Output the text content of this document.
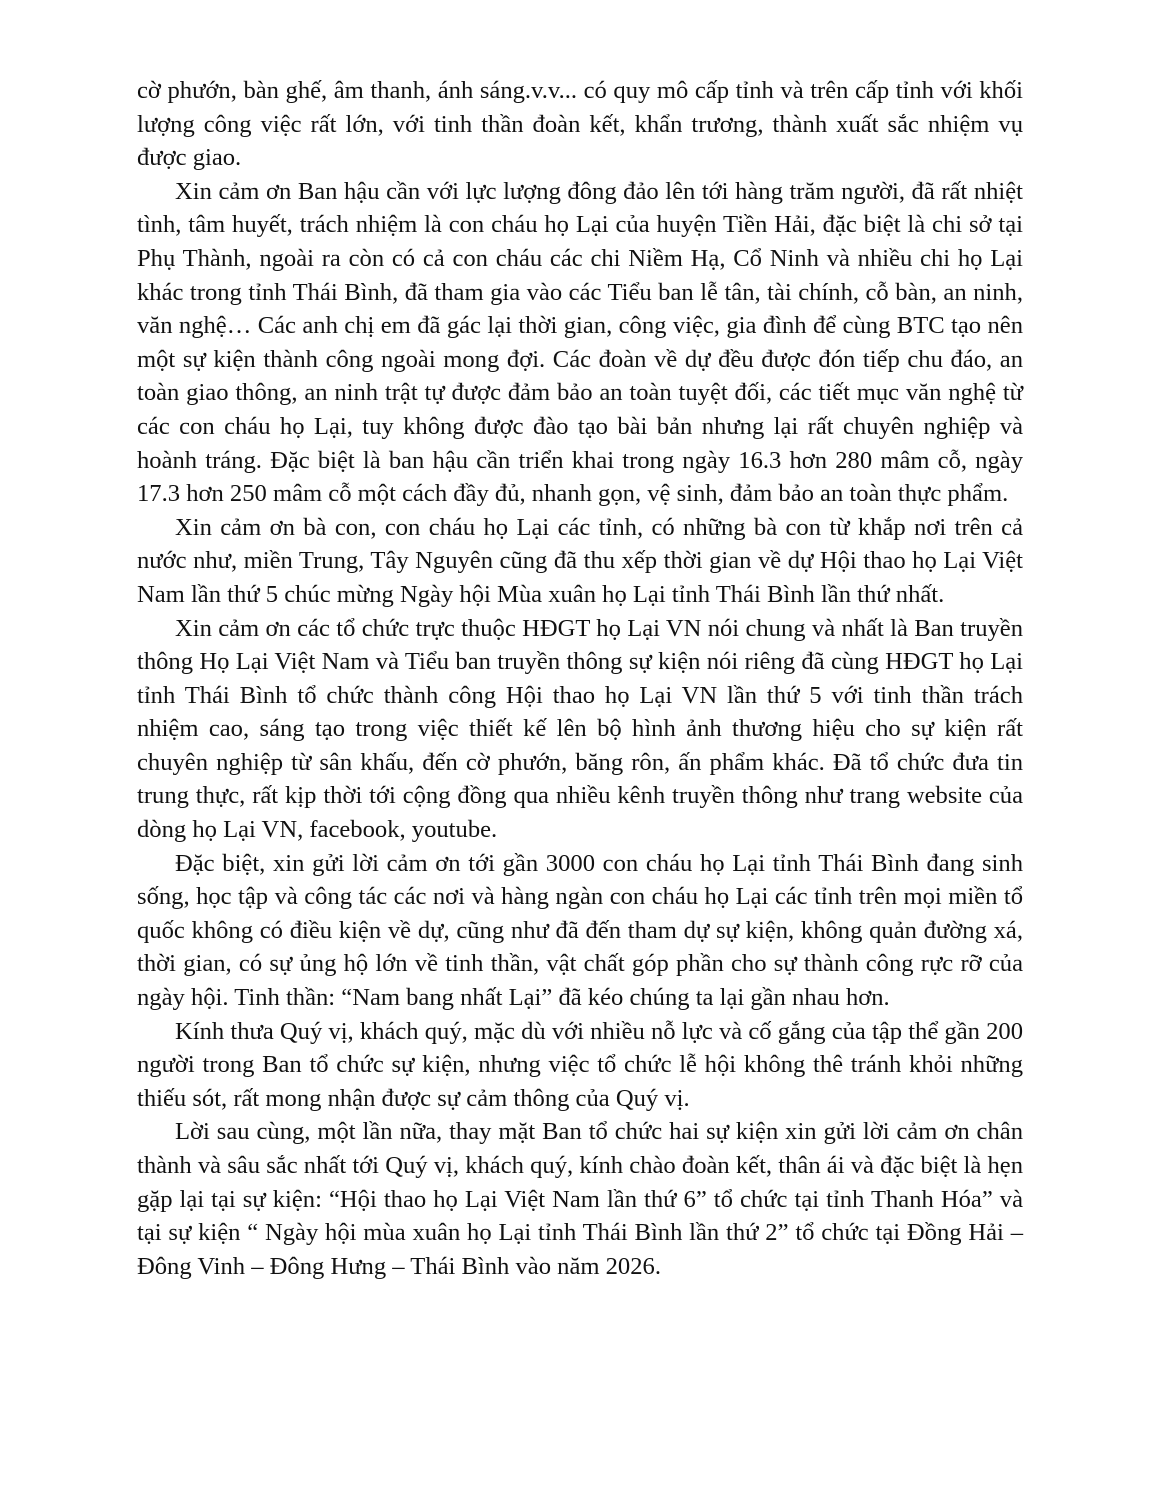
cờ phướn, bàn ghế, âm thanh, ánh sáng.v.v... có quy mô cấp tỉnh và trên cấp tỉnh với khối lượng công việc rất lớn, với tinh thần đoàn kết, khẩn trương, thành xuất sắc nhiệm vụ được giao.

Xin cảm ơn Ban hậu cần với lực lượng đông đảo lên tới hàng trăm người, đã rất nhiệt tình, tâm huyết, trách nhiệm là con cháu họ Lại của huyện Tiền Hải, đặc biệt là chi sở tại Phụ Thành, ngoài ra còn có cả con cháu các chi Niềm Hạ, Cổ Ninh và nhiều chi họ Lại khác trong tỉnh Thái Bình, đã tham gia vào các Tiểu ban lễ tân, tài chính, cỗ bàn, an ninh, văn nghệ… Các anh chị em đã gác lại thời gian, công việc, gia đình để cùng BTC tạo nên một sự kiện thành công ngoài mong đợi. Các đoàn về dự đều được đón tiếp chu đáo, an toàn giao thông, an ninh trật tự được đảm bảo an toàn tuyệt đối, các tiết mục văn nghệ từ các con cháu họ Lại, tuy không được đào tạo bài bản nhưng lại rất chuyên nghiệp và hoành tráng. Đặc biệt là ban hậu cần triển khai trong ngày 16.3 hơn 280 mâm cỗ, ngày 17.3 hơn 250 mâm cỗ một cách đầy đủ, nhanh gọn, vệ sinh, đảm bảo an toàn thực phẩm.

Xin cảm ơn bà con, con cháu họ Lại các tỉnh, có những bà con từ khắp nơi trên cả nước như, miền Trung, Tây Nguyên cũng đã thu xếp thời gian về dự Hội thao họ Lại Việt Nam lần thứ 5 chúc mừng Ngày hội Mùa xuân họ Lại tỉnh Thái Bình lần thứ nhất.

Xin cảm ơn các tổ chức trực thuộc HĐGT họ Lại VN nói chung và nhất là Ban truyền thông Họ Lại Việt Nam và Tiểu ban truyền thông sự kiện nói riêng đã cùng HĐGT họ Lại tỉnh Thái Bình tổ chức thành công Hội thao họ Lại VN lần thứ 5 với tinh thần trách nhiệm cao, sáng tạo trong việc thiết kế lên bộ hình ảnh thương hiệu cho sự kiện rất chuyên nghiệp từ sân khấu, đến cờ phướn, băng rôn, ấn phẩm khác. Đã tổ chức đưa tin trung thực, rất kịp thời tới cộng đồng qua nhiều kênh truyền thông như trang website của dòng họ Lại VN, facebook, youtube.

Đặc biệt, xin gửi lời cảm ơn tới gần 3000 con cháu họ Lại tỉnh Thái Bình đang sinh sống, học tập và công tác các nơi và hàng ngàn con cháu họ Lại các tỉnh trên mọi miền tổ quốc không có điều kiện về dự, cũng như đã đến tham dự sự kiện, không quản đường xá, thời gian, có sự ủng hộ lớn về tinh thần, vật chất góp phần cho sự thành công rực rỡ của ngày hội. Tinh thần: “Nam bang nhất Lại” đã kéo chúng ta lại gần nhau hơn.

Kính thưa Quý vị, khách quý, mặc dù với nhiều nỗ lực và cố gắng của tập thể gần 200 người trong Ban tổ chức sự kiện, nhưng việc tổ chức lễ hội không thê tránh khỏi những thiếu sót, rất mong nhận được sự cảm thông của Quý vị.

Lời sau cùng, một lần nữa, thay mặt Ban tổ chức hai sự kiện xin gửi lời cảm ơn chân thành và sâu sắc nhất tới Quý vị, khách quý, kính chào đoàn kết, thân ái và đặc biệt là hẹn gặp lại tại sự kiện: “Hội thao họ Lại Việt Nam lần thứ 6” tổ chức tại tỉnh Thanh Hóa” và tại sự kiện “ Ngày hội mùa xuân họ Lại tỉnh Thái Bình lần thứ 2” tổ chức tại Đồng Hải – Đông Vinh – Đông Hưng – Thái Bình vào năm 2026.
